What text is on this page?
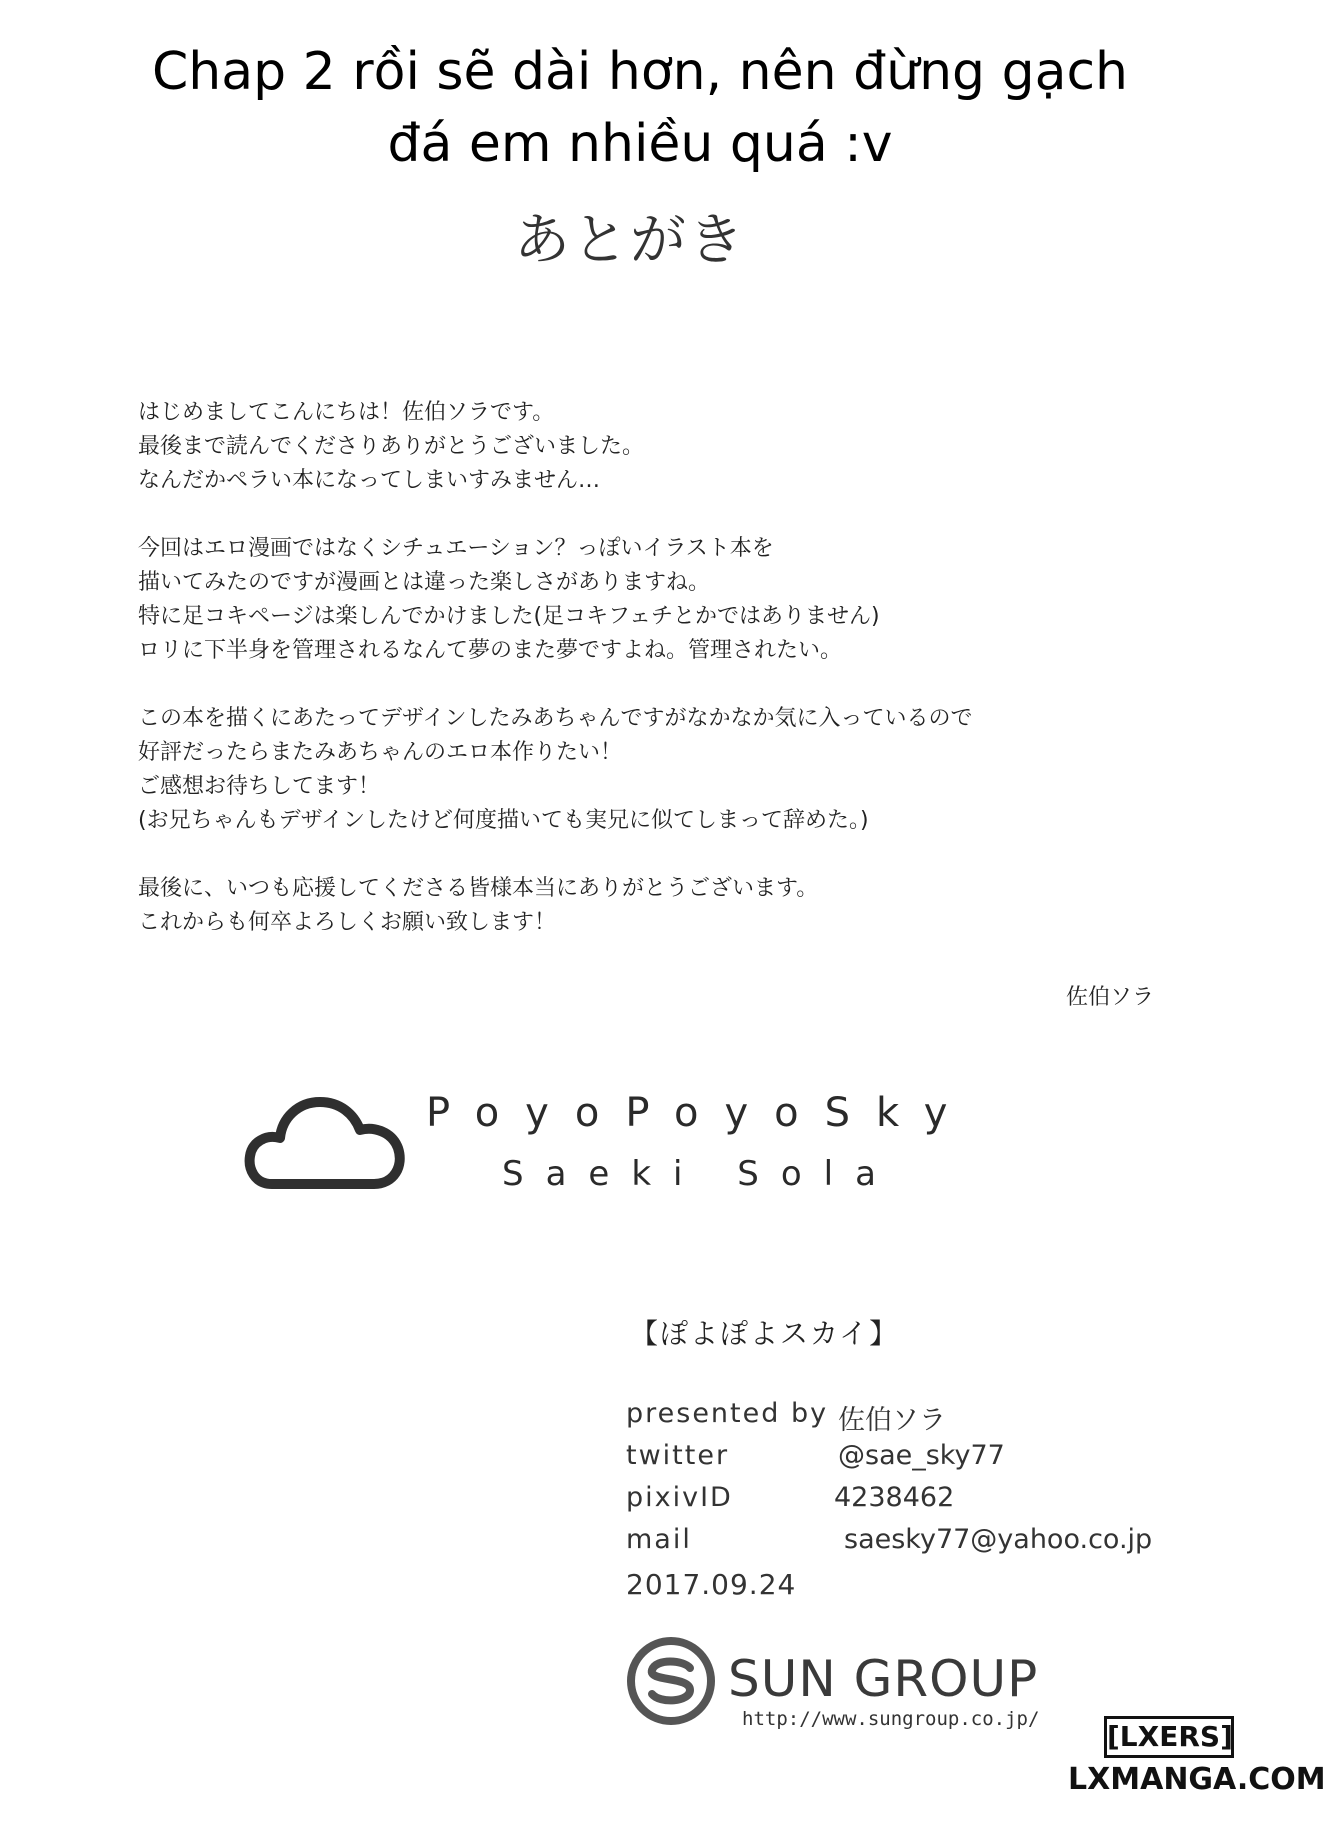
Chap 2 rồi sẽ dài hơn, nên đừng gạch
đá em nhiều quá :v
あとがき

はじめましてこんにちは！佐伯ソラです。
最後まで読んでくださりありがとうございました。
なんだかペラい本になってしまいすみません…

今回はエロ漫画ではなくシチュエーション？っぽいイラスト本を
描いてみたのですが漫画とは違った楽しさがありますね。
特に足コキページは楽しんでかけました(足コキフェチとかではありません)
ロリに下半身を管理されるなんて夢のまた夢ですよね。管理されたい。

この本を描くにあたってデザインしたみあちゃんですがなかなか気に入っているので
好評だったらまたみあちゃんのエロ本作りたい！
ご感想お待ちしてます！
(お兄ちゃんもデザインしたけど何度描いても実兄に似てしまって辞めた。)

最後に、いつも応援してくださる皆様本当にありがとうございます。
これからも何卒よろしくお願い致します！

佐伯ソラ
PoyoPoyoSky
Saeki Sola
【ぽよぽよスカイ】
presented by 佐伯ソラ
twitter	@sae_sky77
pixivID	4238462
mail	saesky77@yahoo.co.jp
2017.09.24
SUN GROUP
http://www.sungroup.co.jp/
[LXERS]
LXMANGA.COM
